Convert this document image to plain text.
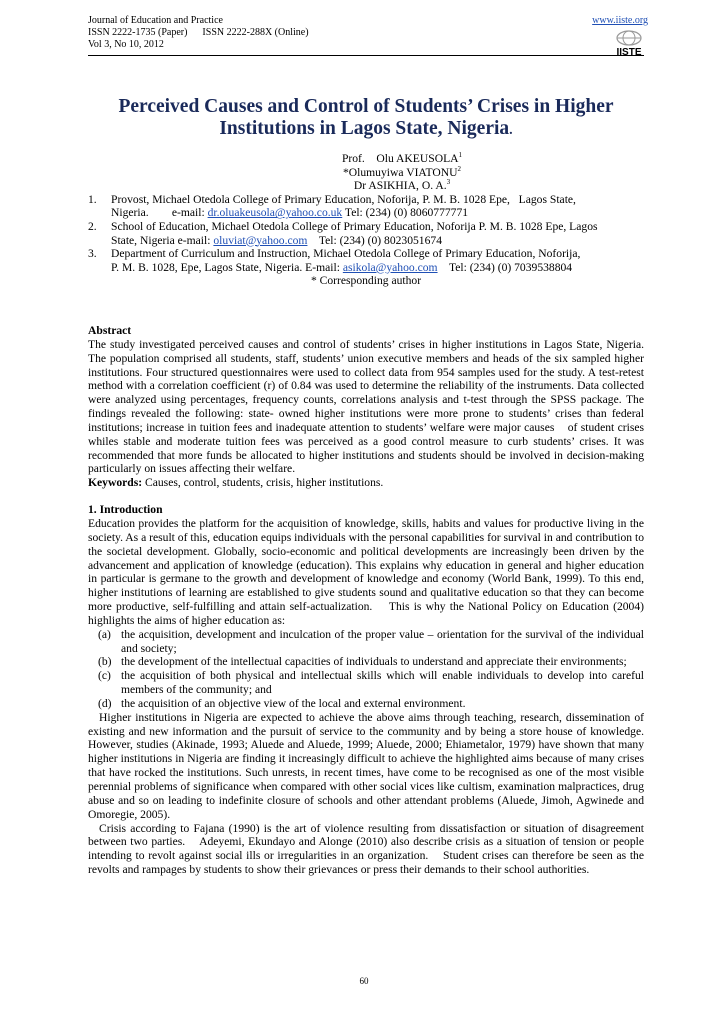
Journal of Education and Practice
ISSN 2222-1735 (Paper)      ISSN 2222-288X (Online)
Vol 3, No 10, 2012
www.iiste.org
IISTE
Perceived Causes and Control of Students’ Crises in Higher
Institutions in Lagos State, Nigeria.
Prof.    Olu AKEUSOLA$^1$
*Olumuyiwa VIATONU$^2$
Dr ASIKHIA, O. A.$^3$
1.	Provost, Michael Otedola College of Primary Education, Noforija, P. M. B. 1028 Epe,   Lagos State,
Nigeria.        e-mail: dr.oluakeusola@yahoo.co.uk Tel: (234) (0) 8060777771
2.	School of Education, Michael Otedola College of Primary Education, Noforija P. M. B. 1028 Epe, Lagos
State, Nigeria e-mail: oluviat@yahoo.com    Tel: (234) (0) 8023051674
3.	Department of Curriculum and Instruction, Michael Otedola College of Primary Education, Noforija,
P. M. B. 1028, Epe, Lagos State, Nigeria. E-mail: asikola@yahoo.com    Tel: (234) (0) 7039538804
* Corresponding author

Abstract

The study investigated perceived causes and control of students’ crises in higher institutions in Lagos State, Nigeria. The population comprised all students, staff, students’ union executive members and heads of the six sampled higher institutions. Four structured questionnaires were used to collect data from 954 samples used for the study. A test-retest method with a correlation coefficient (r) of 0.84 was used to determine the reliability of the instruments. Data collected were analyzed using percentages, frequency counts, correlations analysis and t-test through the SPSS package. The findings revealed the following: state- owned higher institutions were more prone to students’ crises than federal institutions; increase in tuition fees and inadequate attention to students’ welfare were major causes    of student crises whiles stable and moderate tuition fees was perceived as a good control measure to curb students’ crises. It was recommended that more funds be allocated to higher institutions and students should be involved in decision-making particularly on issues affecting their welfare.

Keywords: Causes, control, students, crisis, higher institutions.

1. Introduction

Education provides the platform for the acquisition of knowledge, skills, habits and values for productive living in the society. As a result of this, education equips individuals with the personal capabilities for survival in and contribution to the societal development. Globally, socio-economic and political developments are increasingly been driven by the advancement and application of knowledge (education). This explains why education in general and higher education in particular is germane to the growth and development of knowledge and economy (World Bank, 1999). To this end, higher institutions of learning are established to give students sound and qualitative education so that they can become more productive, self-fulfilling and attain self-actualization.    This is why the National Policy on Education (2004) highlights the aims of higher education as:

(a) the acquisition, development and inculcation of the proper value – orientation for the survival of the individual and society;
(b) the development of the intellectual capacities of individuals to understand and appreciate their environments;
(c) the acquisition of both physical and intellectual skills which will enable individuals to develop into careful members of the community; and
(d) the acquisition of an objective view of the local and external environment.

Higher institutions in Nigeria are expected to achieve the above aims through teaching, research, dissemination of existing and new information and the pursuit of service to the community and by being a store house of knowledge.    However, studies (Akinade, 1993; Aluede and Aluede, 1999; Aluede, 2000; Ehiametalor, 1979) have shown that many higher institutions in Nigeria are finding it increasingly difficult to achieve the highlighted aims because of many crises that have rocked the institutions. Such unrests, in recent times, have come to be recognised as one of the most visible perennial problems of significance when compared with other social vices like cultism, examination malpractices, drug abuse and so on leading to indefinite closure of schools and other attendant problems (Aluede, Jimoh, Agwinede and Omoregie, 2005).

Crisis according to Fajana (1990) is the art of violence resulting from dissatisfaction or situation of disagreement between two parties.    Adeyemi, Ekundayo and Alonge (2010) also describe crisis as a situation of tension or people intending to revolt against social ills or irregularities in an organization.    Student crises can therefore be seen as the revolts and rampages by students to show their grievances or press their demands to their school authorities.

60
